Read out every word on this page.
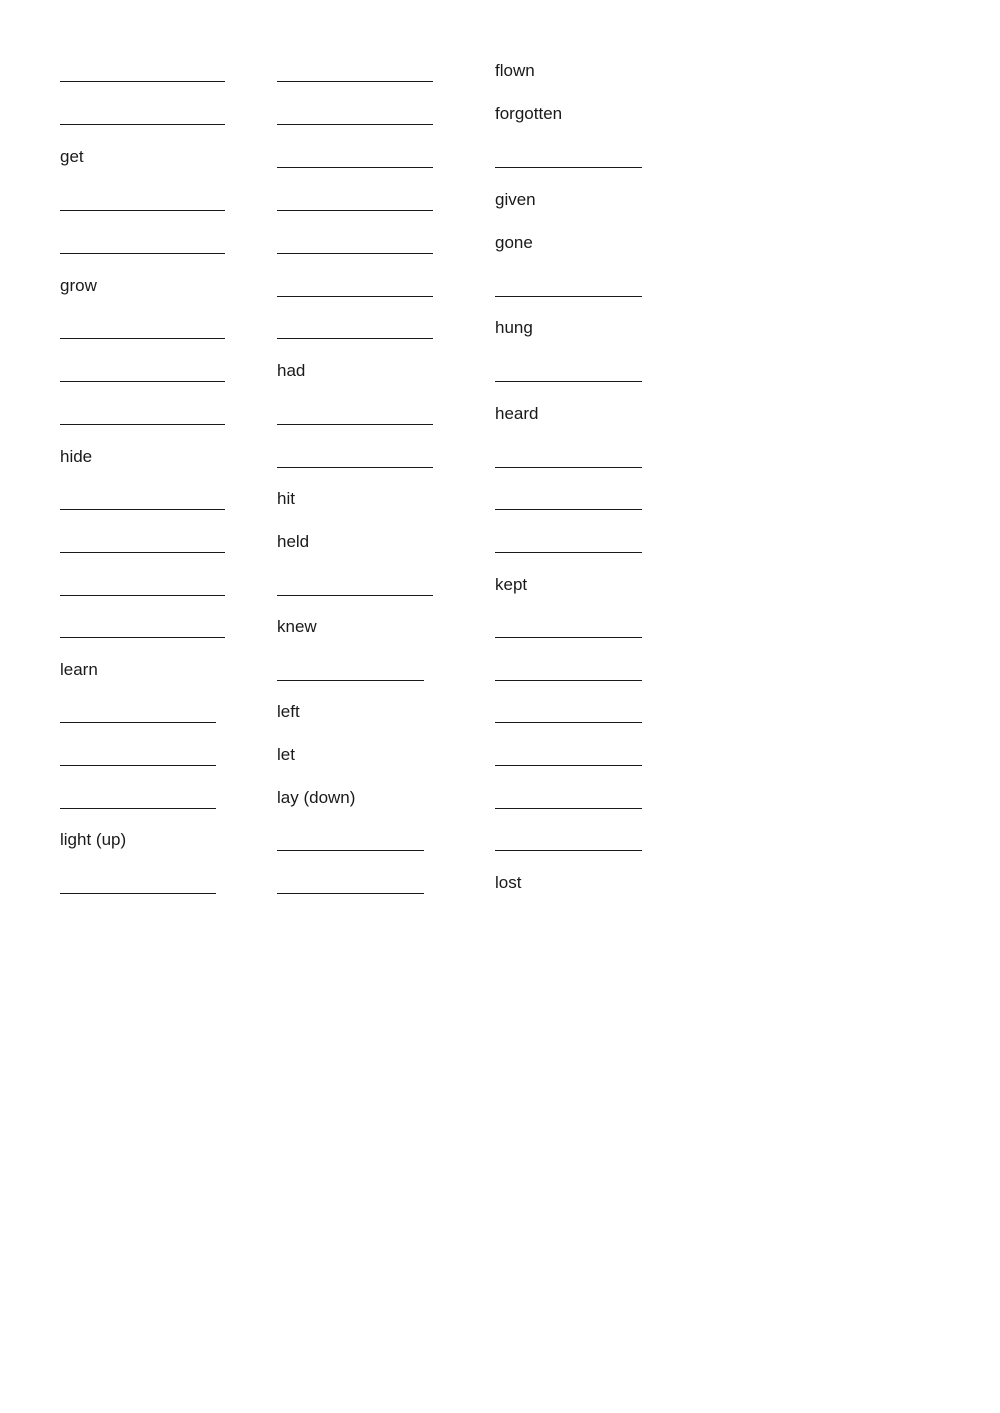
flown
forgotten
get
given
gone
grow
hung
had
heard
hide
hit
held
kept
knew
learn
left
let
lay (down)
light (up)
lost
